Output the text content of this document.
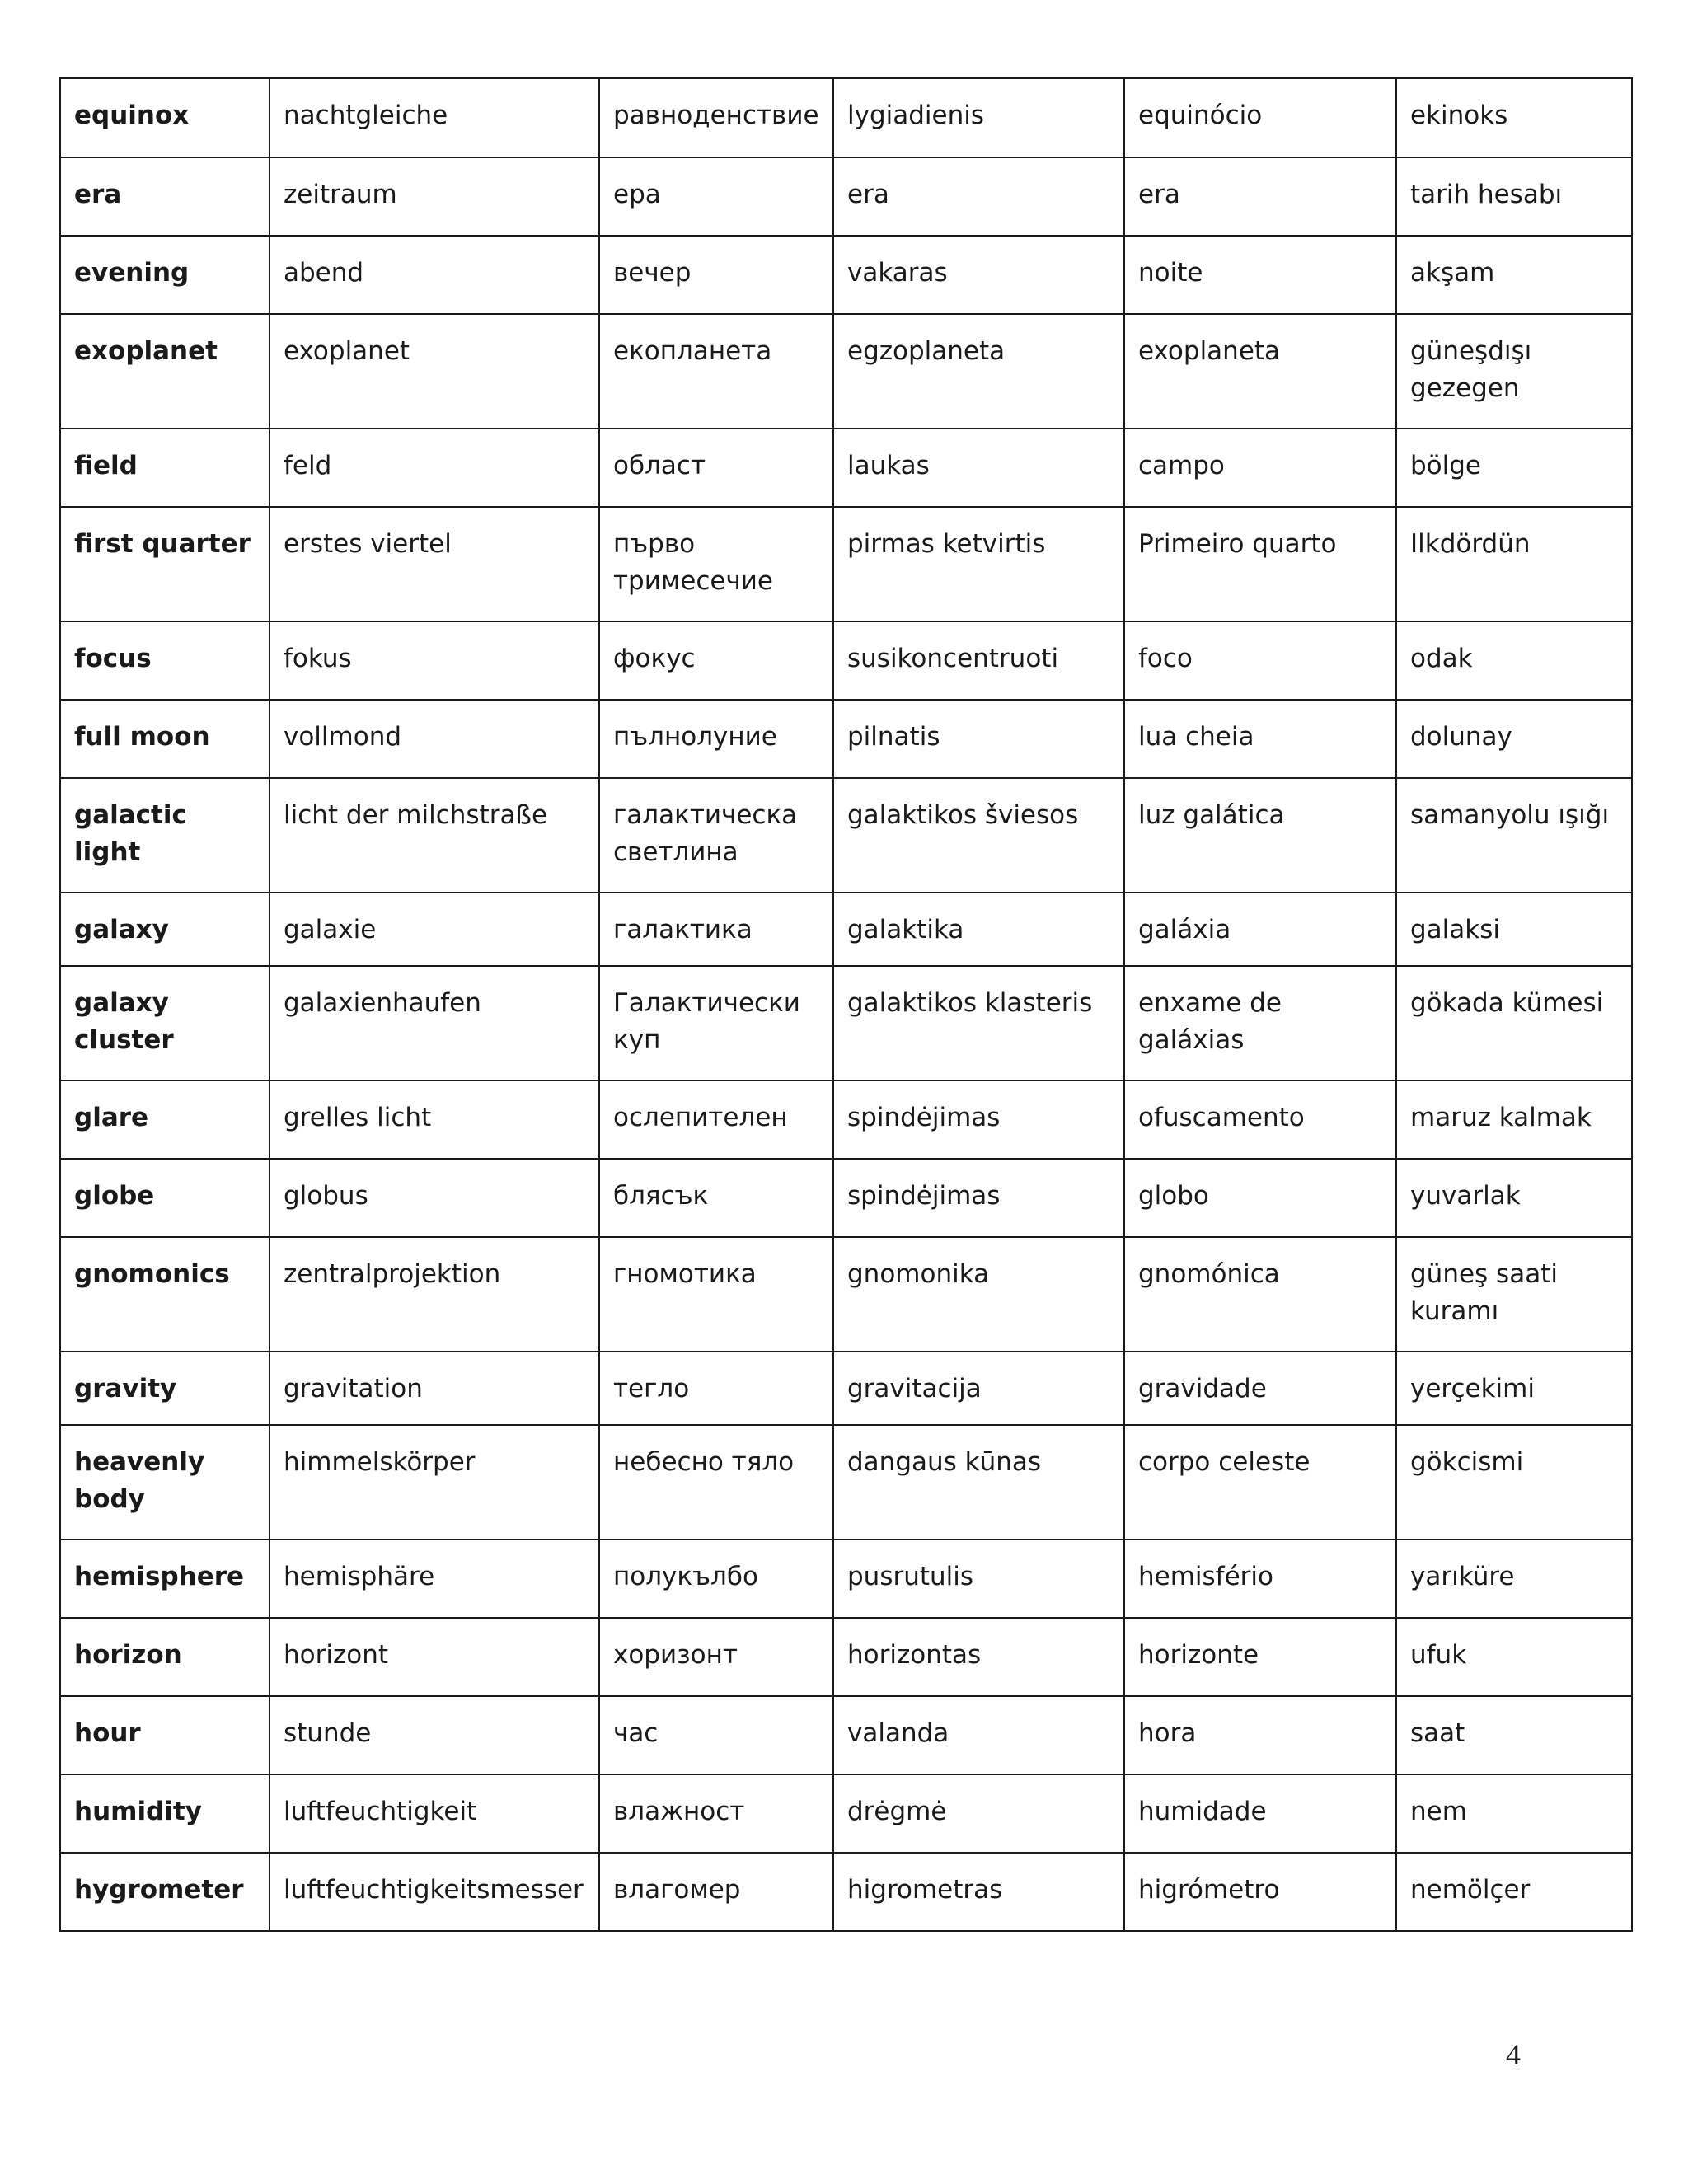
equinox	nachtgleiche	равноденствие	lygiadienis	equinócio	ekinoks
era	zeitraum	ера	era	era	tarih hesabı
evening	abend	вечер	vakaras	noite	akşam
exoplanet	exoplanet	екопланета	egzoplaneta	exoplaneta	güneşdışı gezegen
field	feld	област	laukas	campo	bölge
first quarter	erstes viertel	първо тримесечие	pirmas ketvirtis	Primeiro quarto	Ilkdördün
focus	fokus	фокус	susikoncentruoti	foco	odak
full moon	vollmond	пълнолуние	pilnatis	lua cheia	dolunay
galactic light	licht der milchstraße	галактическа светлина	galaktikos šviesos	luz galática	samanyolu ışığı
galaxy	galaxie	галактика	galaktika	galáxia	galaksi
galaxy cluster	galaxienhaufen	Галактически куп	galaktikos klasteris	enxame de galáxias	gökada kümesi
glare	grelles licht	ослепителен	spindėjimas	ofuscamento	maruz kalmak
globe	globus	блясък	spindėjimas	globo	yuvarlak
gnomonics	zentralprojektion	гномотика	gnomonika	gnomónica	güneş saati kuramı
gravity	gravitation	тегло	gravitacija	gravidade	yerçekimi
heavenly body	himmelskörper	небесно тяло	dangaus kūnas	corpo celeste	gökcismi
hemisphere	hemisphäre	полукълбо	pusrutulis	hemisfério	yarıküre
horizon	horizont	хоризонт	horizontas	horizonte	ufuk
hour	stunde	час	valanda	hora	saat
humidity	luftfeuchtigkeit	влажност	drėgmė	humidade	nem
hygrometer	luftfeuchtigkeitsmesser	влагомер	higrometras	higrómetro	nemölçer
4
